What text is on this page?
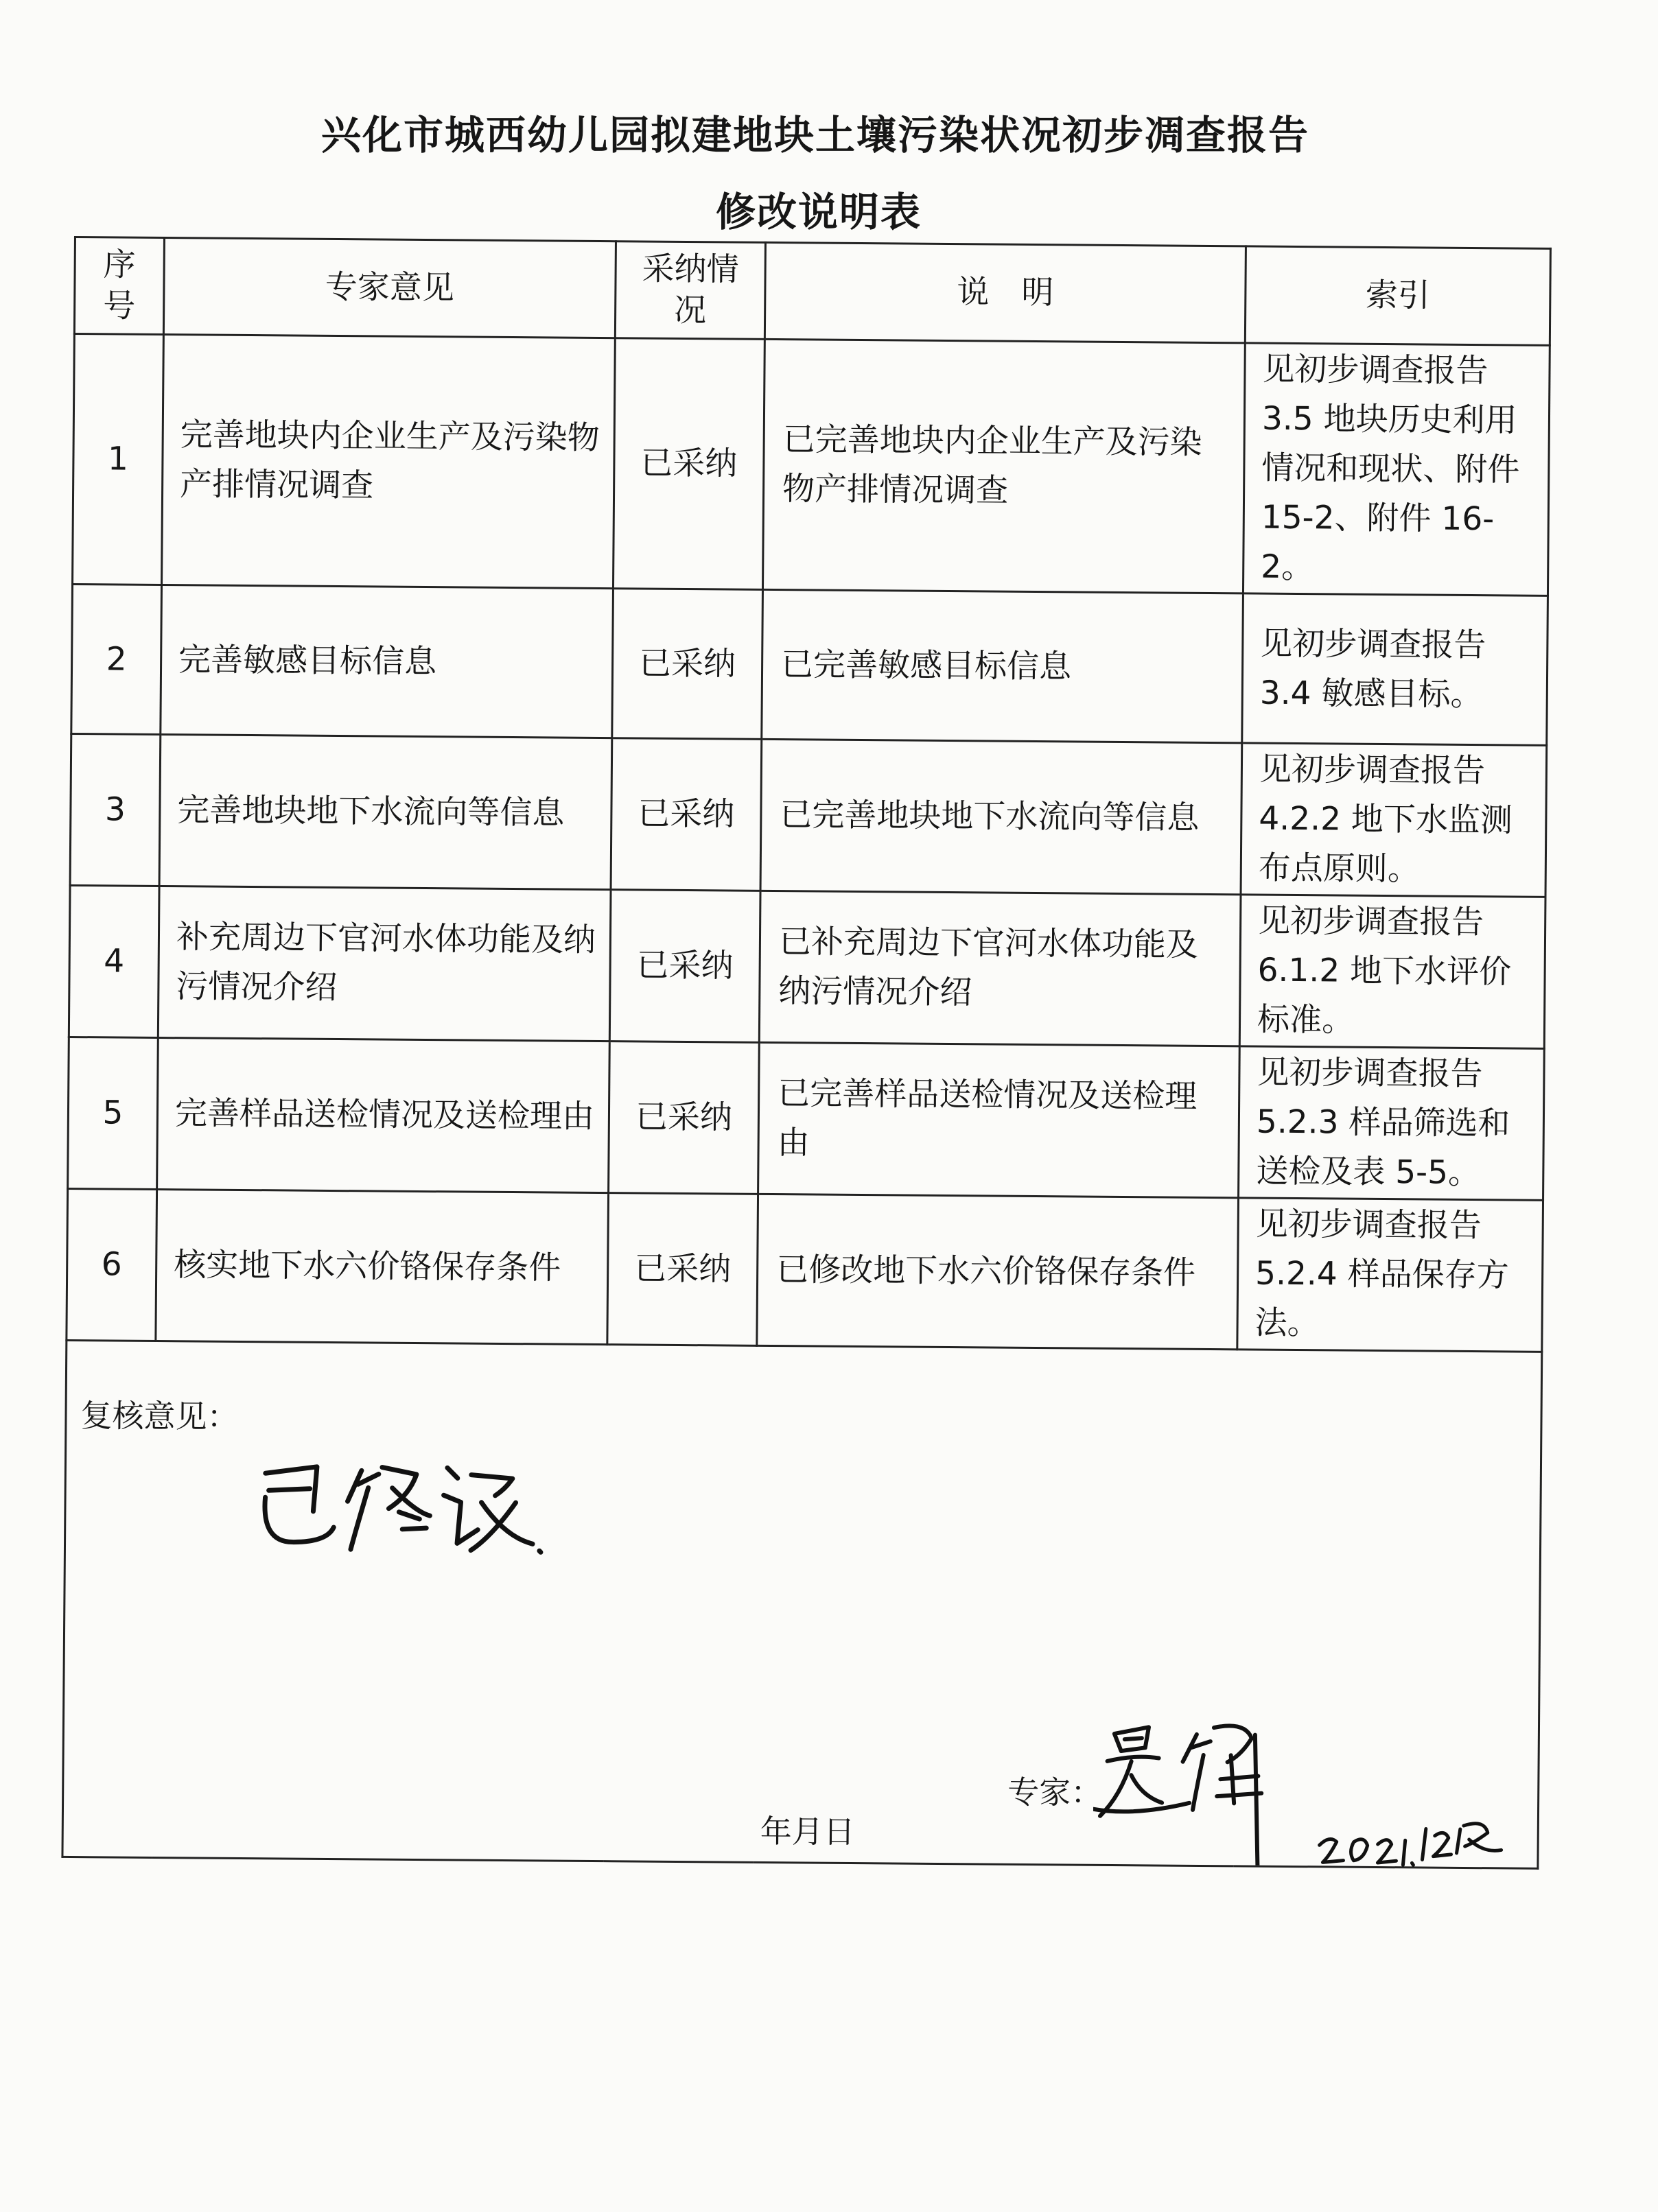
兴化市城西幼儿园拟建地块土壤污染状况初步凋查报告
修改说明表
序号	专家意见	采纳情况	说　明	索引
1	完善地块内企业生产及污染物产排情况调查	已采纳	已完善地块内企业生产及污染物产排情况调查	见初步调查报告 3.5 地块历史利用情况和现状、附件 15-2、附件 16-2。
2	完善敏感目标信息	已采纳	已完善敏感目标信息	见初步调查报告 3.4 敏感目标。
3	完善地块地下水流向等信息	已采纳	已完善地块地下水流向等信息	见初步调查报告 4.2.2 地下水监测布点原则。
4	补充周边下官河水体功能及纳污情况介绍	已采纳	已补充周边下官河水体功能及纳污情况介绍	见初步调查报告 6.1.2 地下水评价标准。
5	完善样品送检情况及送检理由	已采纳	已完善样品送检情况及送检理由	见初步调查报告 5.2.3 样品筛选和送检及表 5-5。
6	核实地下水六价铬保存条件	已采纳	已修改地下水六价铬保存条件	见初步调查报告 5.2.4 样品保存方法。

复核意见：
专家：
年月日				
